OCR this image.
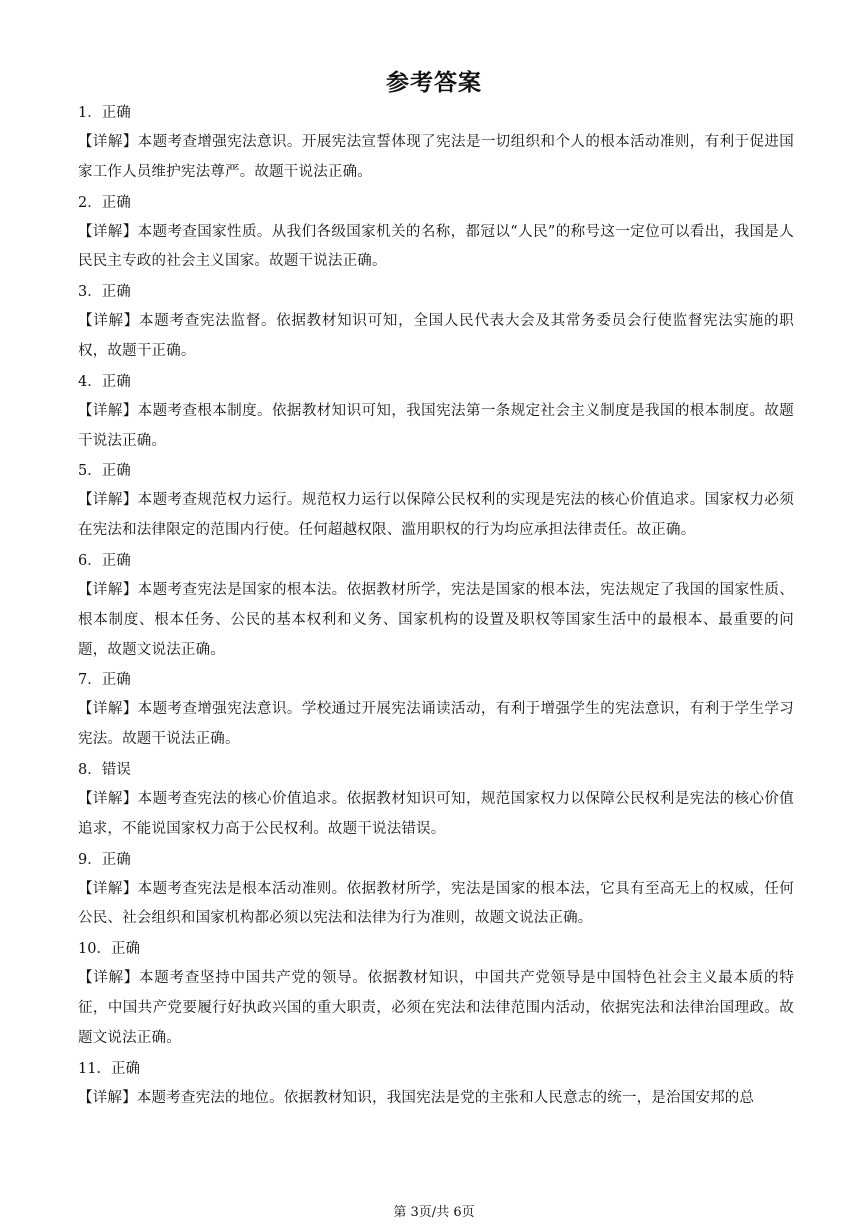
参考答案
1．正确
【详解】本题考查增强宪法意识。开展宪法宣誓体现了宪法是一切组织和个人的根本活动准则，有利于促进国家工作人员维护宪法尊严。故题干说法正确。
2．正确
【详解】本题考查国家性质。从我们各级国家机关的名称，都冠以“人民”的称号这一定位可以看出，我国是人民民主专政的社会主义国家。故题干说法正确。
3．正确
【详解】本题考查宪法监督。依据教材知识可知，全国人民代表大会及其常务委员会行使监督宪法实施的职权，故题干正确。
4．正确
【详解】本题考查根本制度。依据教材知识可知，我国宪法第一条规定社会主义制度是我国的根本制度。故题干说法正确。
5．正确
【详解】本题考查规范权力运行。规范权力运行以保障公民权利的实现是宪法的核心价值追求。国家权力必须在宪法和法律限定的范围内行使。任何超越权限、滥用职权的行为均应承担法律责任。故正确。
6．正确
【详解】本题考查宪法是国家的根本法。依据教材所学，宪法是国家的根本法，宪法规定了我国的国家性质、根本制度、根本任务、公民的基本权利和义务、国家机构的设置及职权等国家生活中的最根本、最重要的问题，故题文说法正确。
7．正确
【详解】本题考查增强宪法意识。学校通过开展宪法诵读活动，有利于增强学生的宪法意识，有利于学生学习宪法。故题干说法正确。
8．错误
【详解】本题考查宪法的核心价值追求。依据教材知识可知，规范国家权力以保障公民权利是宪法的核心价值追求，不能说国家权力高于公民权利。故题干说法错误。
9．正确
【详解】本题考查宪法是根本活动准则。依据教材所学，宪法是国家的根本法，它具有至高无上的权威，任何公民、社会组织和国家机构都必须以宪法和法律为行为准则，故题文说法正确。
10．正确
【详解】本题考查坚持中国共产党的领导。依据教材知识，中国共产党领导是中国特色社会主义最本质的特征，中国共产党要履行好执政兴国的重大职责，必须在宪法和法律范围内活动，依据宪法和法律治国理政。故题文说法正确。
11．正确
【详解】本题考查宪法的地位。依据教材知识，我国宪法是党的主张和人民意志的统一，是治国安邦的总
第 3页/共 6页
